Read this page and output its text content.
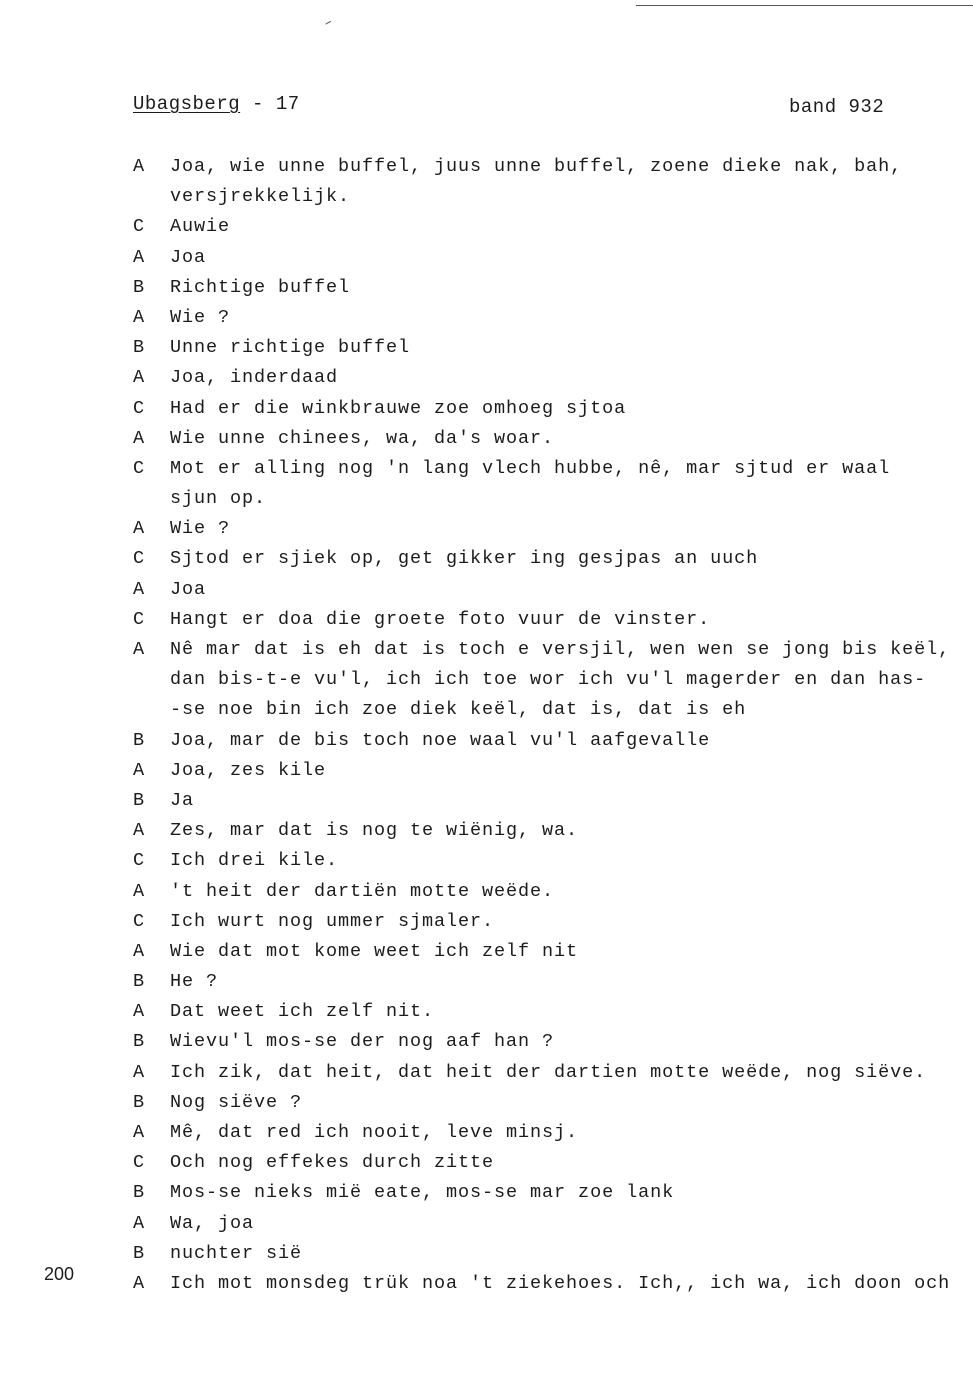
Ubagsberg - 17	band 932
200
A Joa, wie unne buffel, juus unne buffel, zoene dieke nak, bah,
versjrekkelijk.
C Auwie
A Joa
B Richtige buffel
A Wie ?
B Unne richtige buffel
A Joa, inderdaad
C Had er die winkbrauwe zoe omhoeg sjtoa
A Wie unne chinees, wa, da's woar.
C Mot er alling nog 'n lang vlech hubbe, nê, mar sjtud er waal
sjun op.
A Wie ?
C Sjtod er sjiek op, get gikker ing gesjpas an uuch
A Joa
C Hangt er doa die groete foto vuur de vinster.
A Nê mar dat is eh dat is toch e versjil, wen wen se jong bis keël,
dan bis-t-e vu'l, ich ich toe wor ich vu'l magerder en dan has-
-se noe bin ich zoe diek keël, dat is, dat is eh
B Joa, mar de bis toch noe waal vu'l aafgevalle
A Joa, zes kile
B Ja
A Zes, mar dat is nog te wiënig, wa.
C Ich drei kile.
A 't heit der dartiën motte weëde.
C Ich wurt nog ummer sjmaler.
A Wie dat mot kome weet ich zelf nit
B He ?
A Dat weet ich zelf nit.
B Wievu'l mos-se der nog aaf han ?
A Ich zik, dat heit, dat heit der dartien motte weëde, nog siëve.
B Nog siëve ?
A Mê, dat red ich nooit, leve minsj.
C Och nog effekes durch zitte
B Mos-se nieks mië eate, mos-se mar zoe lank
A Wa, joa
B nuchter sië
A Ich mot monsdeg trük noa 't ziekehoes. Ich,, ich wa, ich doon och
